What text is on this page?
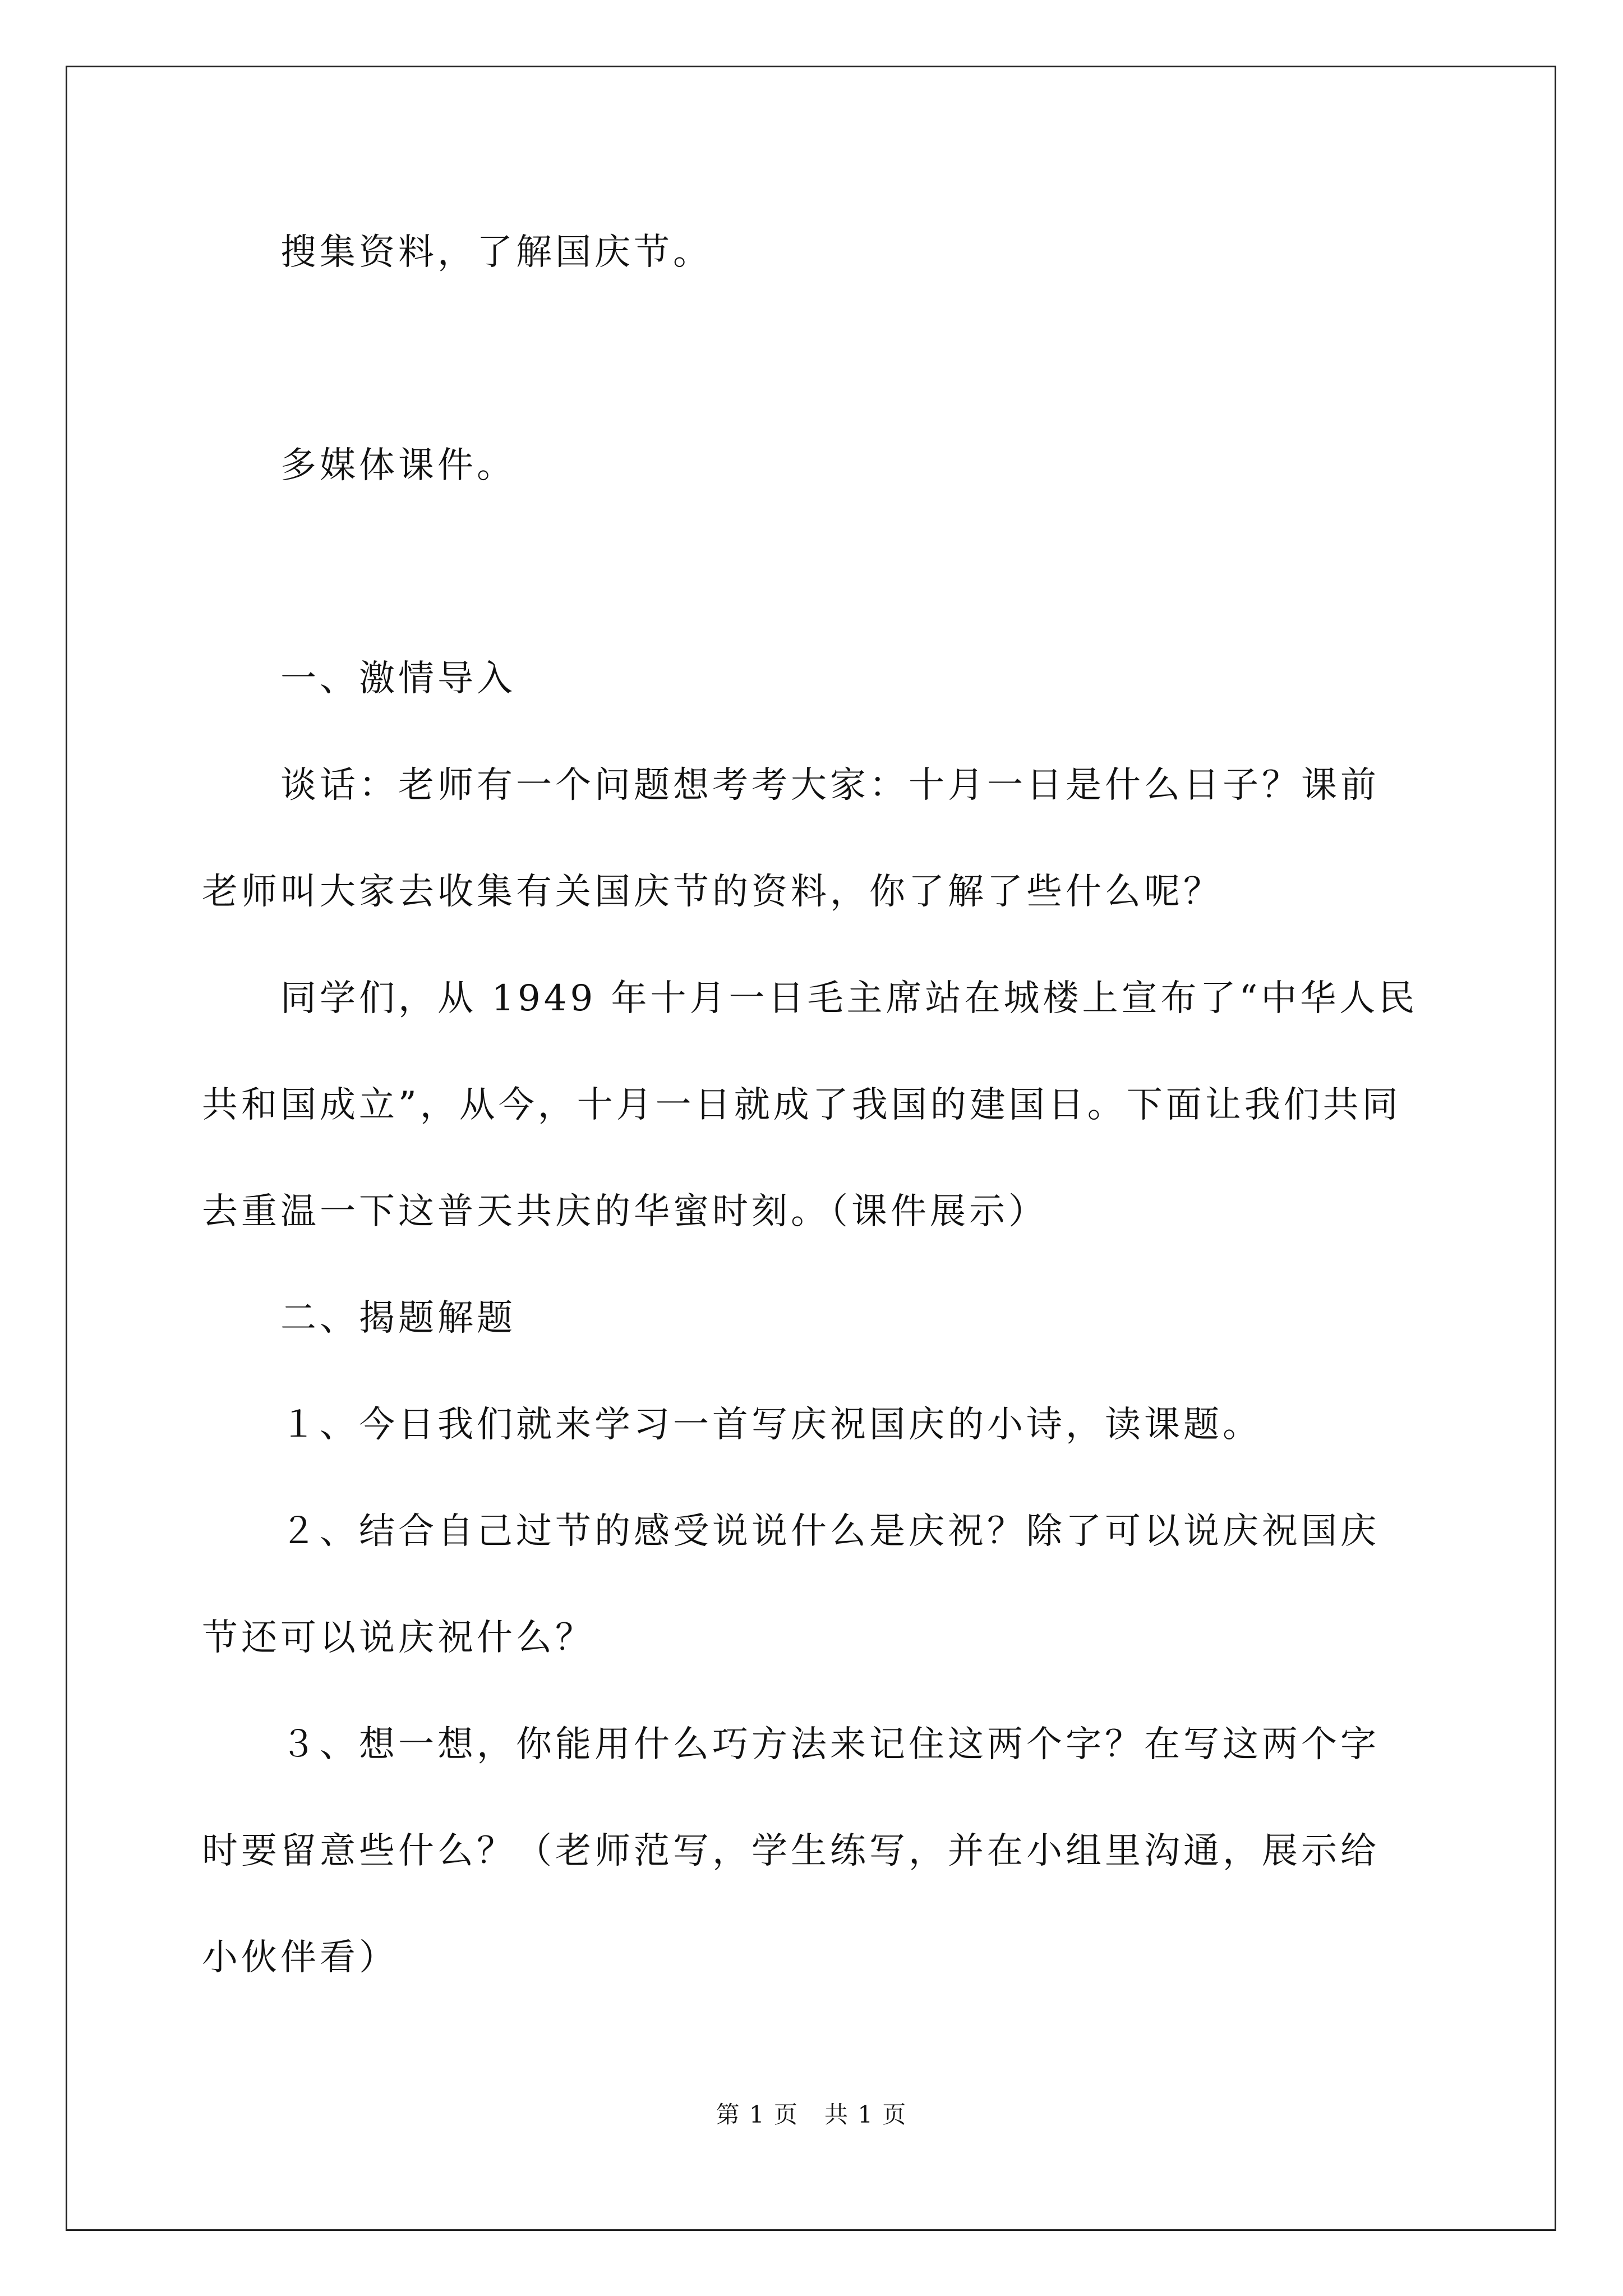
搜集资料，了解国庆节。
多媒体课件。
一、激情导入
谈话：老师有一个问题想考考大家：十月一日是什么日子？课前
老师叫大家去收集有关国庆节的资料，你了解了些什么呢？
同学们，从 1949 年十月一日毛主席站在城楼上宣布了“中华人民
共和国成立”，从今，十月一日就成了我国的建国日。下面让我们共同
去重温一下这普天共庆的华蜜时刻。（课件展示）
二、揭题解题
１、今日我们就来学习一首写庆祝国庆的小诗，读课题。
２、结合自己过节的感受说说什么是庆祝？除了可以说庆祝国庆
节还可以说庆祝什么？
３、想一想，你能用什么巧方法来记住这两个字？在写这两个字
时要留意些什么？（老师范写，学生练写，并在小组里沟通，展示给
小伙伴看）
第 1 页 共 1 页
